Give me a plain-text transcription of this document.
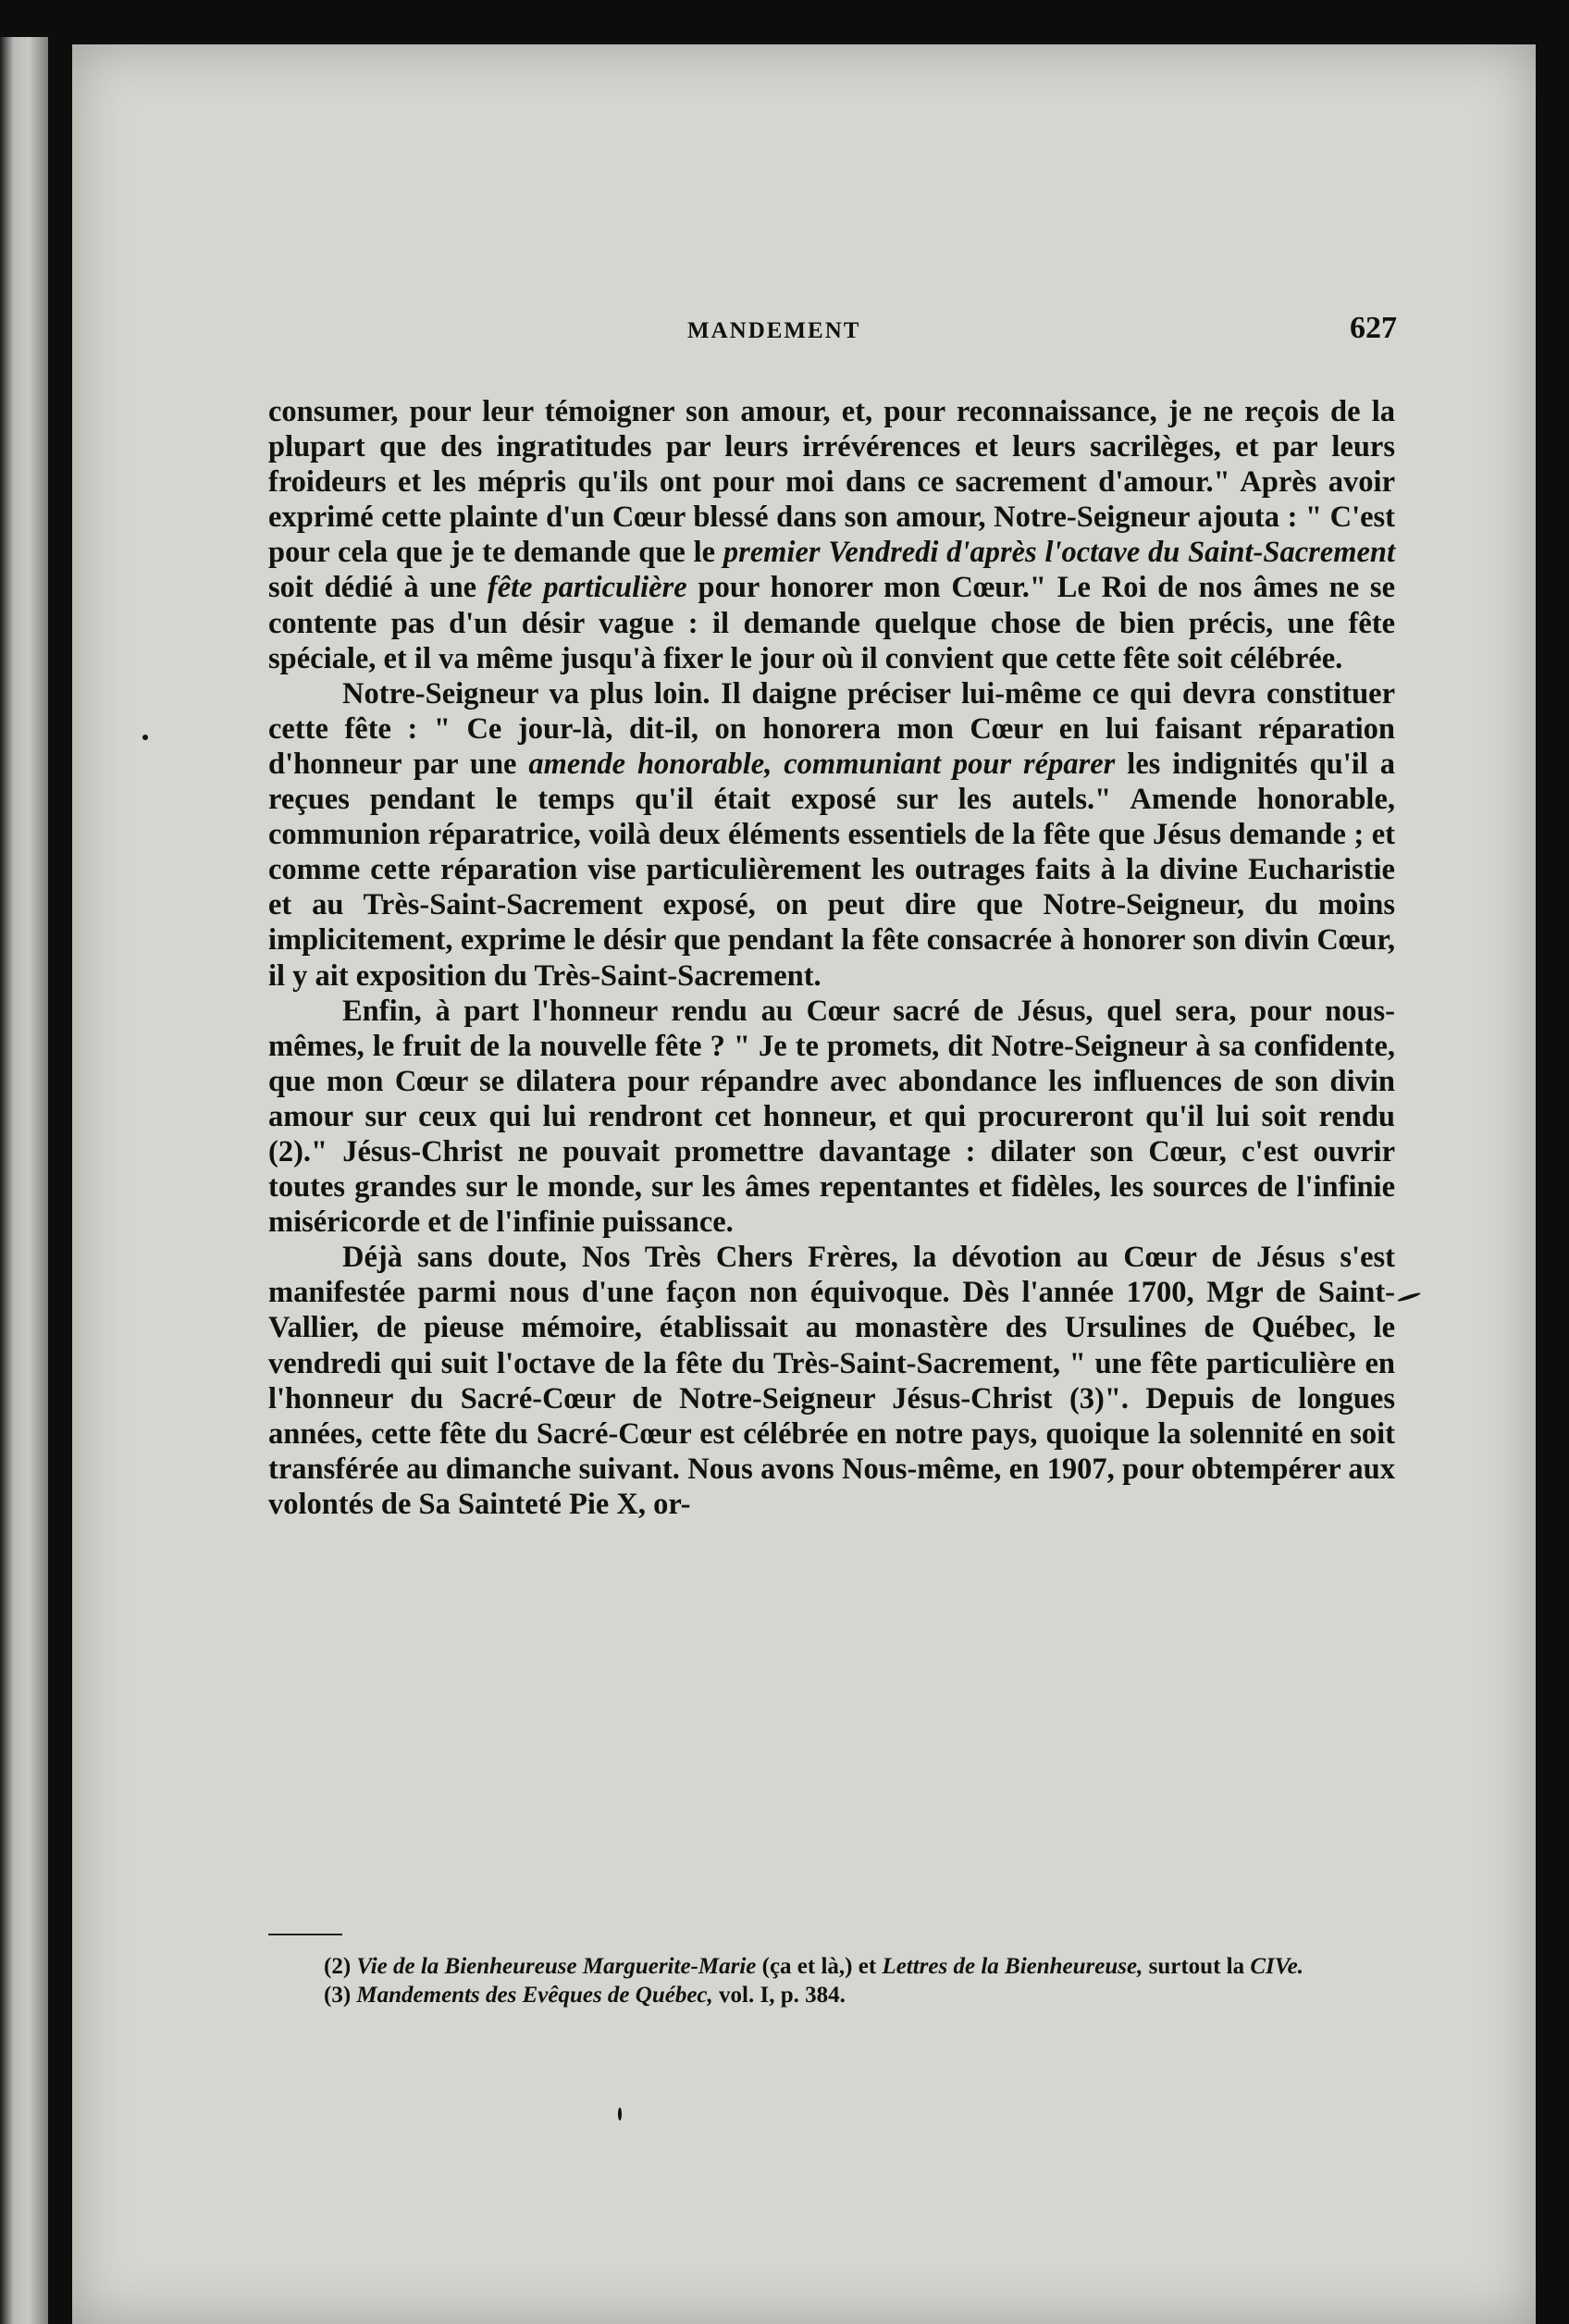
MANDEMENT	627

consumer, pour leur témoigner son amour, et, pour reconnaissance, je ne reçois de la plupart que des ingratitudes par leurs irrévérences et leurs sacrilèges, et par leurs froideurs et les mépris qu'ils ont pour moi dans ce sacrement d'amour." Après avoir exprimé cette plainte d'un Cœur blessé dans son amour, Notre-Seigneur ajouta : " C'est pour cela que je te demande que le premier Vendredi d'après l'octave du Saint-Sacrement soit dédié à une fête particulière pour honorer mon Cœur." Le Roi de nos âmes ne se contente pas d'un désir vague : il demande quelque chose de bien précis, une fête spéciale, et il va même jusqu'à fixer le jour où il convient que cette fête soit célébrée.

Notre-Seigneur va plus loin. Il daigne préciser lui-même ce qui devra constituer cette fête : " Ce jour-là, dit-il, on honorera mon Cœur en lui faisant réparation d'honneur par une amende honorable, communiant pour réparer les indignités qu'il a reçues pendant le temps qu'il était exposé sur les autels." Amende honorable, communion réparatrice, voilà deux éléments essentiels de la fête que Jésus demande ; et comme cette réparation vise particulièrement les outrages faits à la divine Eucharistie et au Très-Saint-Sacrement exposé, on peut dire que Notre-Seigneur, du moins implicitement, exprime le désir que pendant la fête consacrée à honorer son divin Cœur, il y ait exposition du Très-Saint-Sacrement.

Enfin, à part l'honneur rendu au Cœur sacré de Jésus, quel sera, pour nous-mêmes, le fruit de la nouvelle fête ? " Je te promets, dit Notre-Seigneur à sa confidente, que mon Cœur se dilatera pour répandre avec abondance les influences de son divin amour sur ceux qui lui rendront cet honneur, et qui procureront qu'il lui soit rendu (2)." Jésus-Christ ne pouvait promettre davantage : dilater son Cœur, c'est ouvrir toutes grandes sur le monde, sur les âmes repentantes et fidèles, les sources de l'infinie miséricorde et de l'infinie puissance.

Déjà sans doute, Nos Très Chers Frères, la dévotion au Cœur de Jésus s'est manifestée parmi nous d'une façon non équivoque. Dès l'année 1700, Mgr de Saint-Vallier, de pieuse mémoire, établissait au monastère des Ursulines de Québec, le vendredi qui suit l'octave de la fête du Très-Saint-Sacrement, " une fête particulière en l'honneur du Sacré-Cœur de Notre-Seigneur Jésus-Christ (3)". Depuis de longues années, cette fête du Sacré-Cœur est célébrée en notre pays, quoique la solennité en soit transférée au dimanche suivant. Nous avons Nous-même, en 1907, pour obtempérer aux volontés de Sa Sainteté Pie X, or-

(2) Vie de la Bienheureuse Marguerite-Marie (ça et là,) et Lettres de la Bienheureuse, surtout la CIVe.

(3) Mandements des Evêques de Québec, vol. I, p. 384.
